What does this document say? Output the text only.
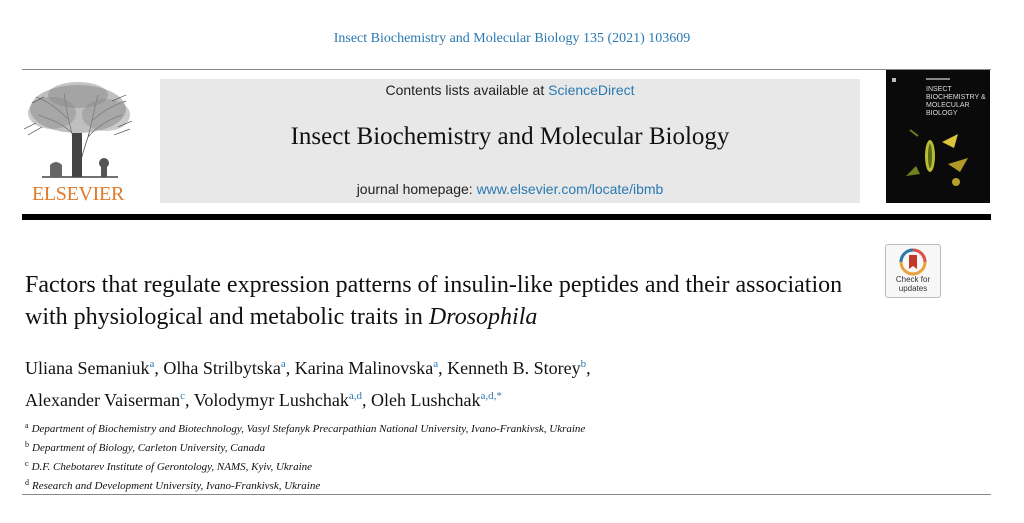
Insect Biochemistry and Molecular Biology 135 (2021) 103609
ELSEVIER
Contents lists available at ScienceDirect
Insect Biochemistry and Molecular Biology
journal homepage: www.elsevier.com/locate/ibmb
INSECT BIOCHEMISTRY & MOLECULAR BIOLOGY
Check for updates
Factors that regulate expression patterns of insulin-like peptides and their association with physiological and metabolic traits in Drosophila
Uliana Semaniuk$^a$, Olha Strilbytska$^a$, Karina Malinovska$^a$, Kenneth B. Storey$^b$,
Alexander Vaiserman$^c$, Volodymyr Lushchak$^{a,d}$, Oleh Lushchak$^{a,d,*}$
$^a$ Department of Biochemistry and Biotechnology, Vasyl Stefanyk Precarpathian National University, Ivano-Frankivsk, Ukraine
$^b$ Department of Biology, Carleton University, Canada
$^c$ D.F. Chebotarev Institute of Gerontology, NAMS, Kyiv, Ukraine
$^d$ Research and Development University, Ivano-Frankivsk, Ukraine
